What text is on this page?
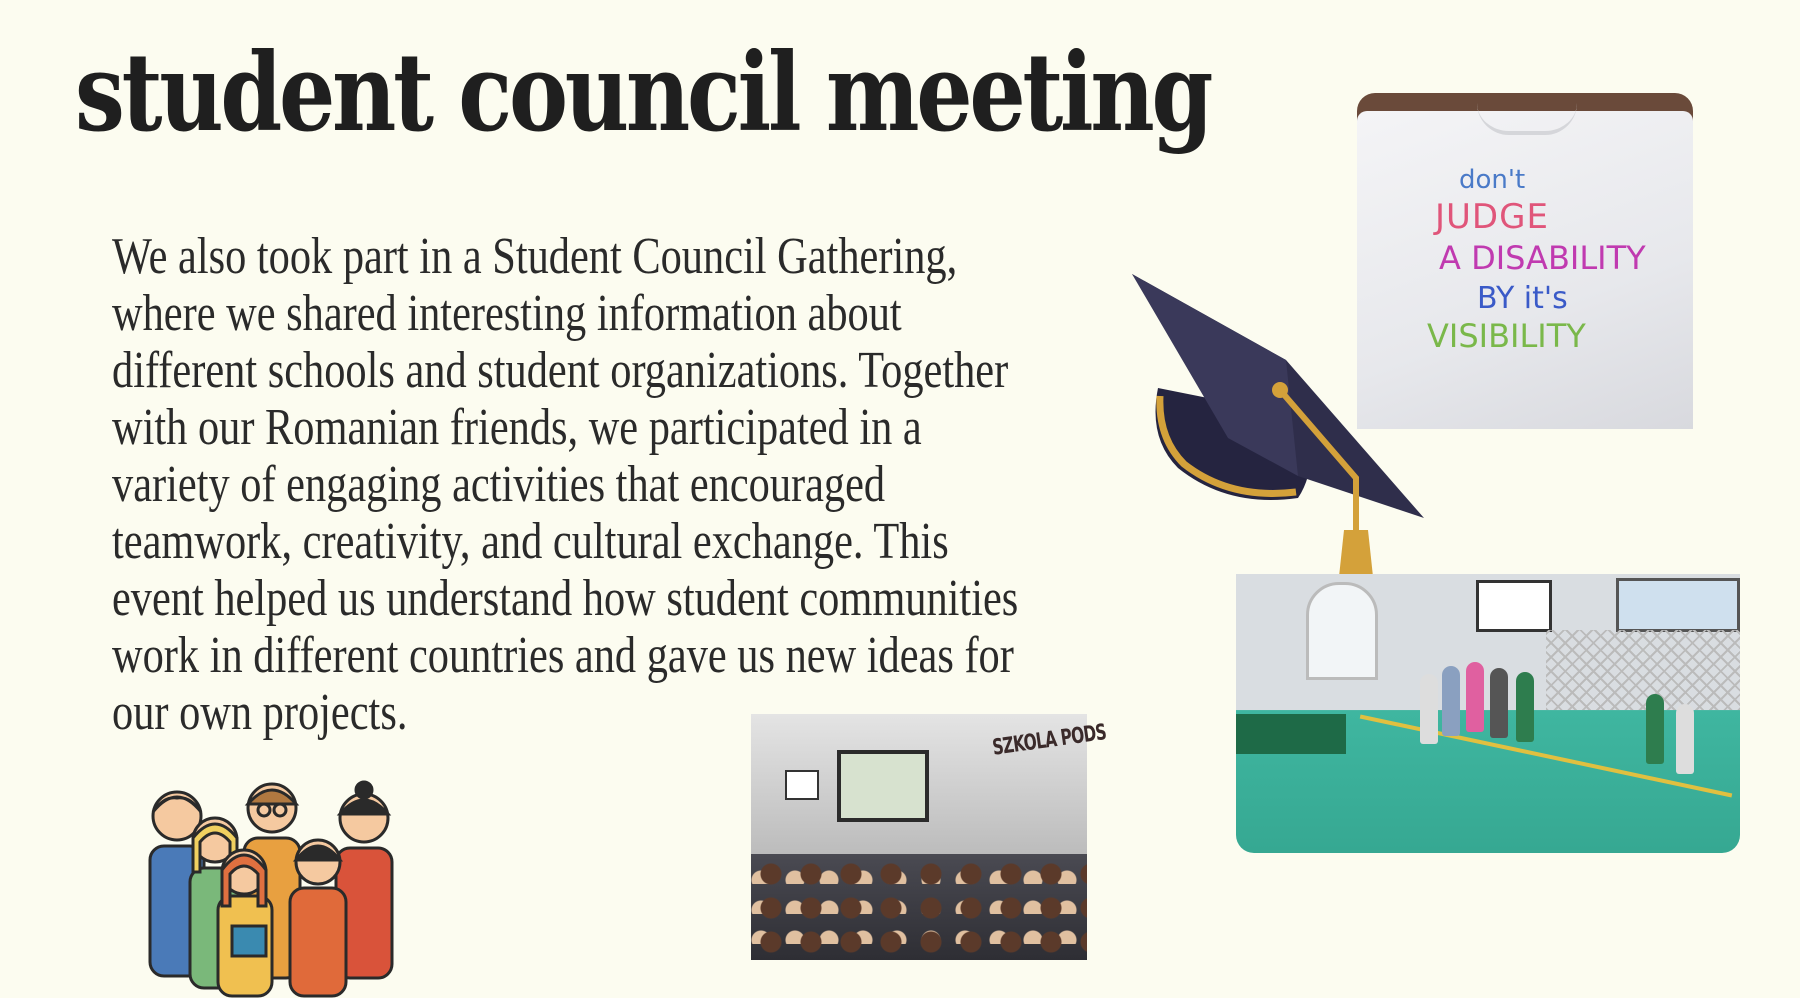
student council meeting
We also took part in a Student Council Gathering,
where we shared interesting information about
different schools and student organizations. Together
with our Romanian friends, we participated in a
variety of engaging activities that encouraged
teamwork, creativity, and cultural exchange. This
event helped us understand how student communities
work in different countries and gave us new ideas for
our own projects.
don't
JUDGE
A DISABILITY
BY it's
VISIBILITY
SZKOLA PODS
